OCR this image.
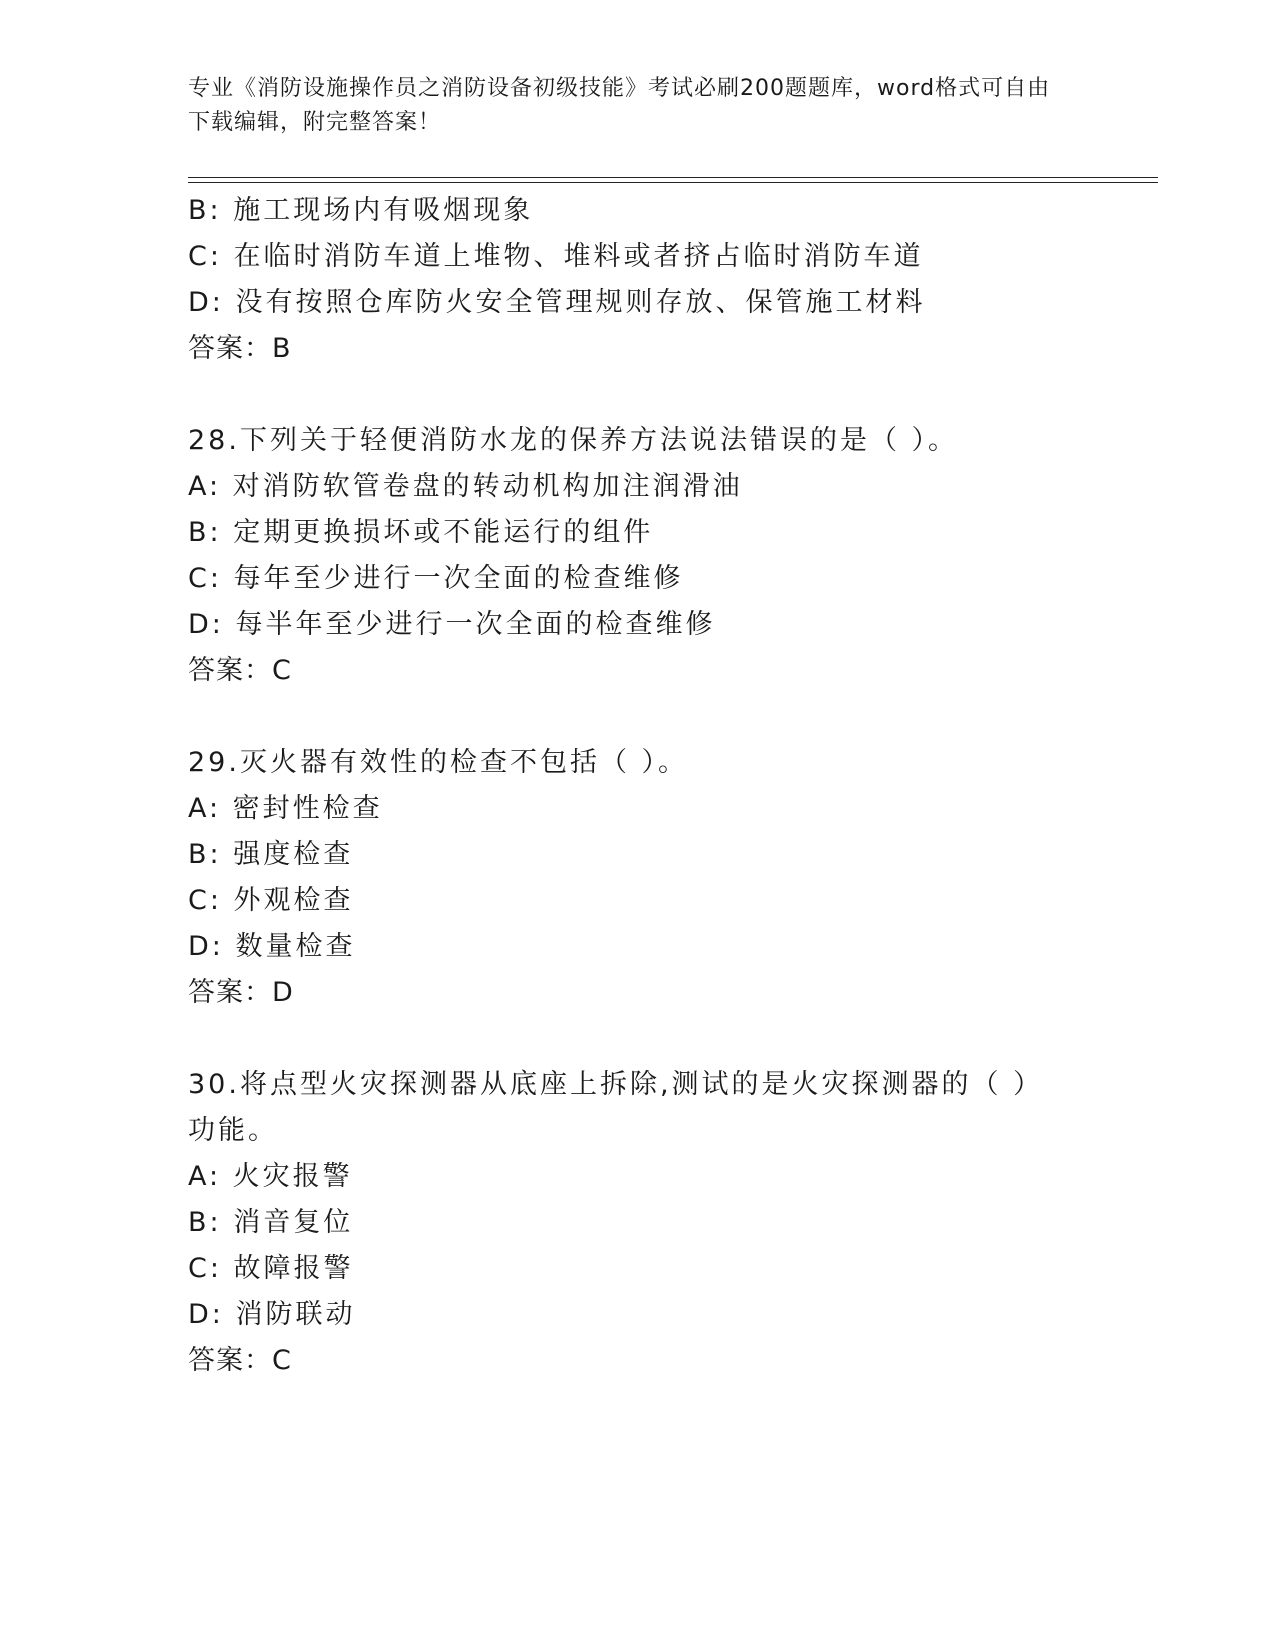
专业《消防设施操作员之消防设备初级技能》考试必刷200题题库，word格式可自由下载编辑，附完整答案！
B: 施工现场内有吸烟现象
C: 在临时消防车道上堆物、堆料或者挤占临时消防车道
D: 没有按照仓库防火安全管理规则存放、保管施工材料
答案：B
28.下列关于轻便消防水龙的保养方法说法错误的是（ ）。
A: 对消防软管卷盘的转动机构加注润滑油
B: 定期更换损坏或不能运行的组件
C: 每年至少进行一次全面的检查维修
D: 每半年至少进行一次全面的检查维修
答案：C
29.灭火器有效性的检查不包括（ ）。
A: 密封性检查
B: 强度检查
C: 外观检查
D: 数量检查
答案：D
30.将点型火灾探测器从底座上拆除,测试的是火灾探测器的（ ）功能。
A: 火灾报警
B: 消音复位
C: 故障报警
D: 消防联动
答案：C
